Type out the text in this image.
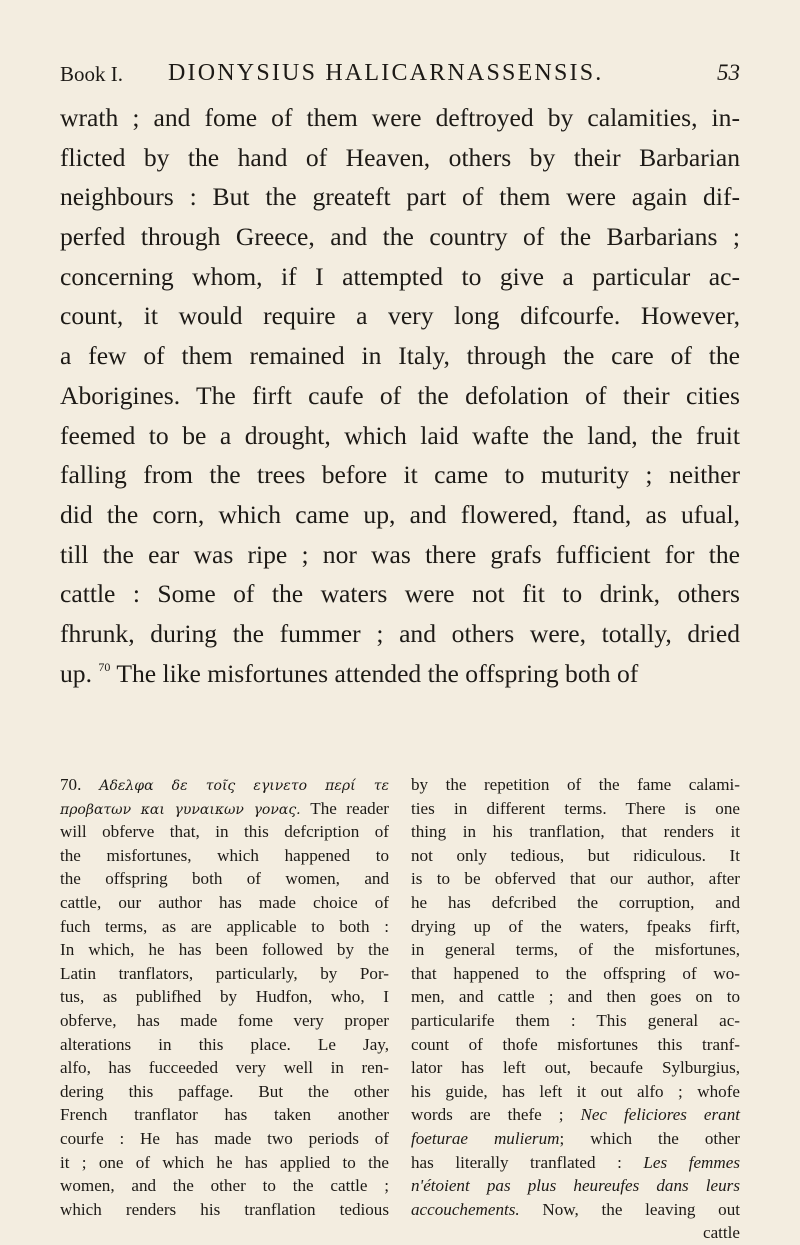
Book I. DIONYSIUS HALICARNASSENSIS.	53
wrath ; and fome of them were deftroyed by calamities, in-
flicted by the hand of Heaven, others by their Barbarian
neighbours : But the greateft part of them were again dif-
perfed through Greece, and the country of the Barbarians ;
concerning whom, if I attempted to give a particular ac-
count, it would require a very long difcourfe. However,
a few of them remained in Italy, through the care of the
Aborigines. The firft caufe of the defolation of their cities
feemed to be a drought, which laid wafte the land, the fruit
falling from the trees before it came to muturity ; neither
did the corn, which came up, and flowered, ftand, as ufual,
till the ear was ripe ; nor was there grafs fufficient for the
cattle : Some of the waters were not fit to drink, others
fhrunk, during the fummer ; and others were, totally, dried
up. $^{70}$ The like misfortunes attended the offspring both of
70. Αδελφα δε τοῖς εγινετο περί τε
προβατων και γυναικων γονας. The reader
will obferve that, in this defcription of
the misfortunes, which happened to
the offspring both of women, and
cattle, our author has made choice of
fuch terms, as are applicable to both :
In which, he has been followed by the
Latin tranflators, particularly, by Por-
tus, as publifhed by Hudfon, who, I
obferve, has made fome very proper
alterations in this place. Le Jay,
alfo, has fucceeded very well in ren-
dering this paffage. But the other
French tranflator has taken another
courfe : He has made two periods of
it ; one of which he has applied to the
women, and the other to the cattle ;
which renders his tranflation tedious
by the repetition of the fame calami-
ties in different terms. There is one
thing in his tranflation, that renders it
not only tedious, but ridiculous. It
is to be obferved that our author, after
he has defcribed the corruption, and
drying up of the waters, fpeaks firft,
in general terms, of the misfortunes,
that happened to the offspring of wo-
men, and cattle ; and then goes on to
particularife them : This general ac-
count of thofe misfortunes this tranf-
lator has left out, becaufe Sylburgius,
his guide, has left it out alfo ; whofe
words are thefe ; Nec feliciores erant
foeturae mulierum; which the other
has literally tranflated : Les femmes
n'étoient pas plus heureufes dans leurs
accouchements. Now, the leaving out
cattle
